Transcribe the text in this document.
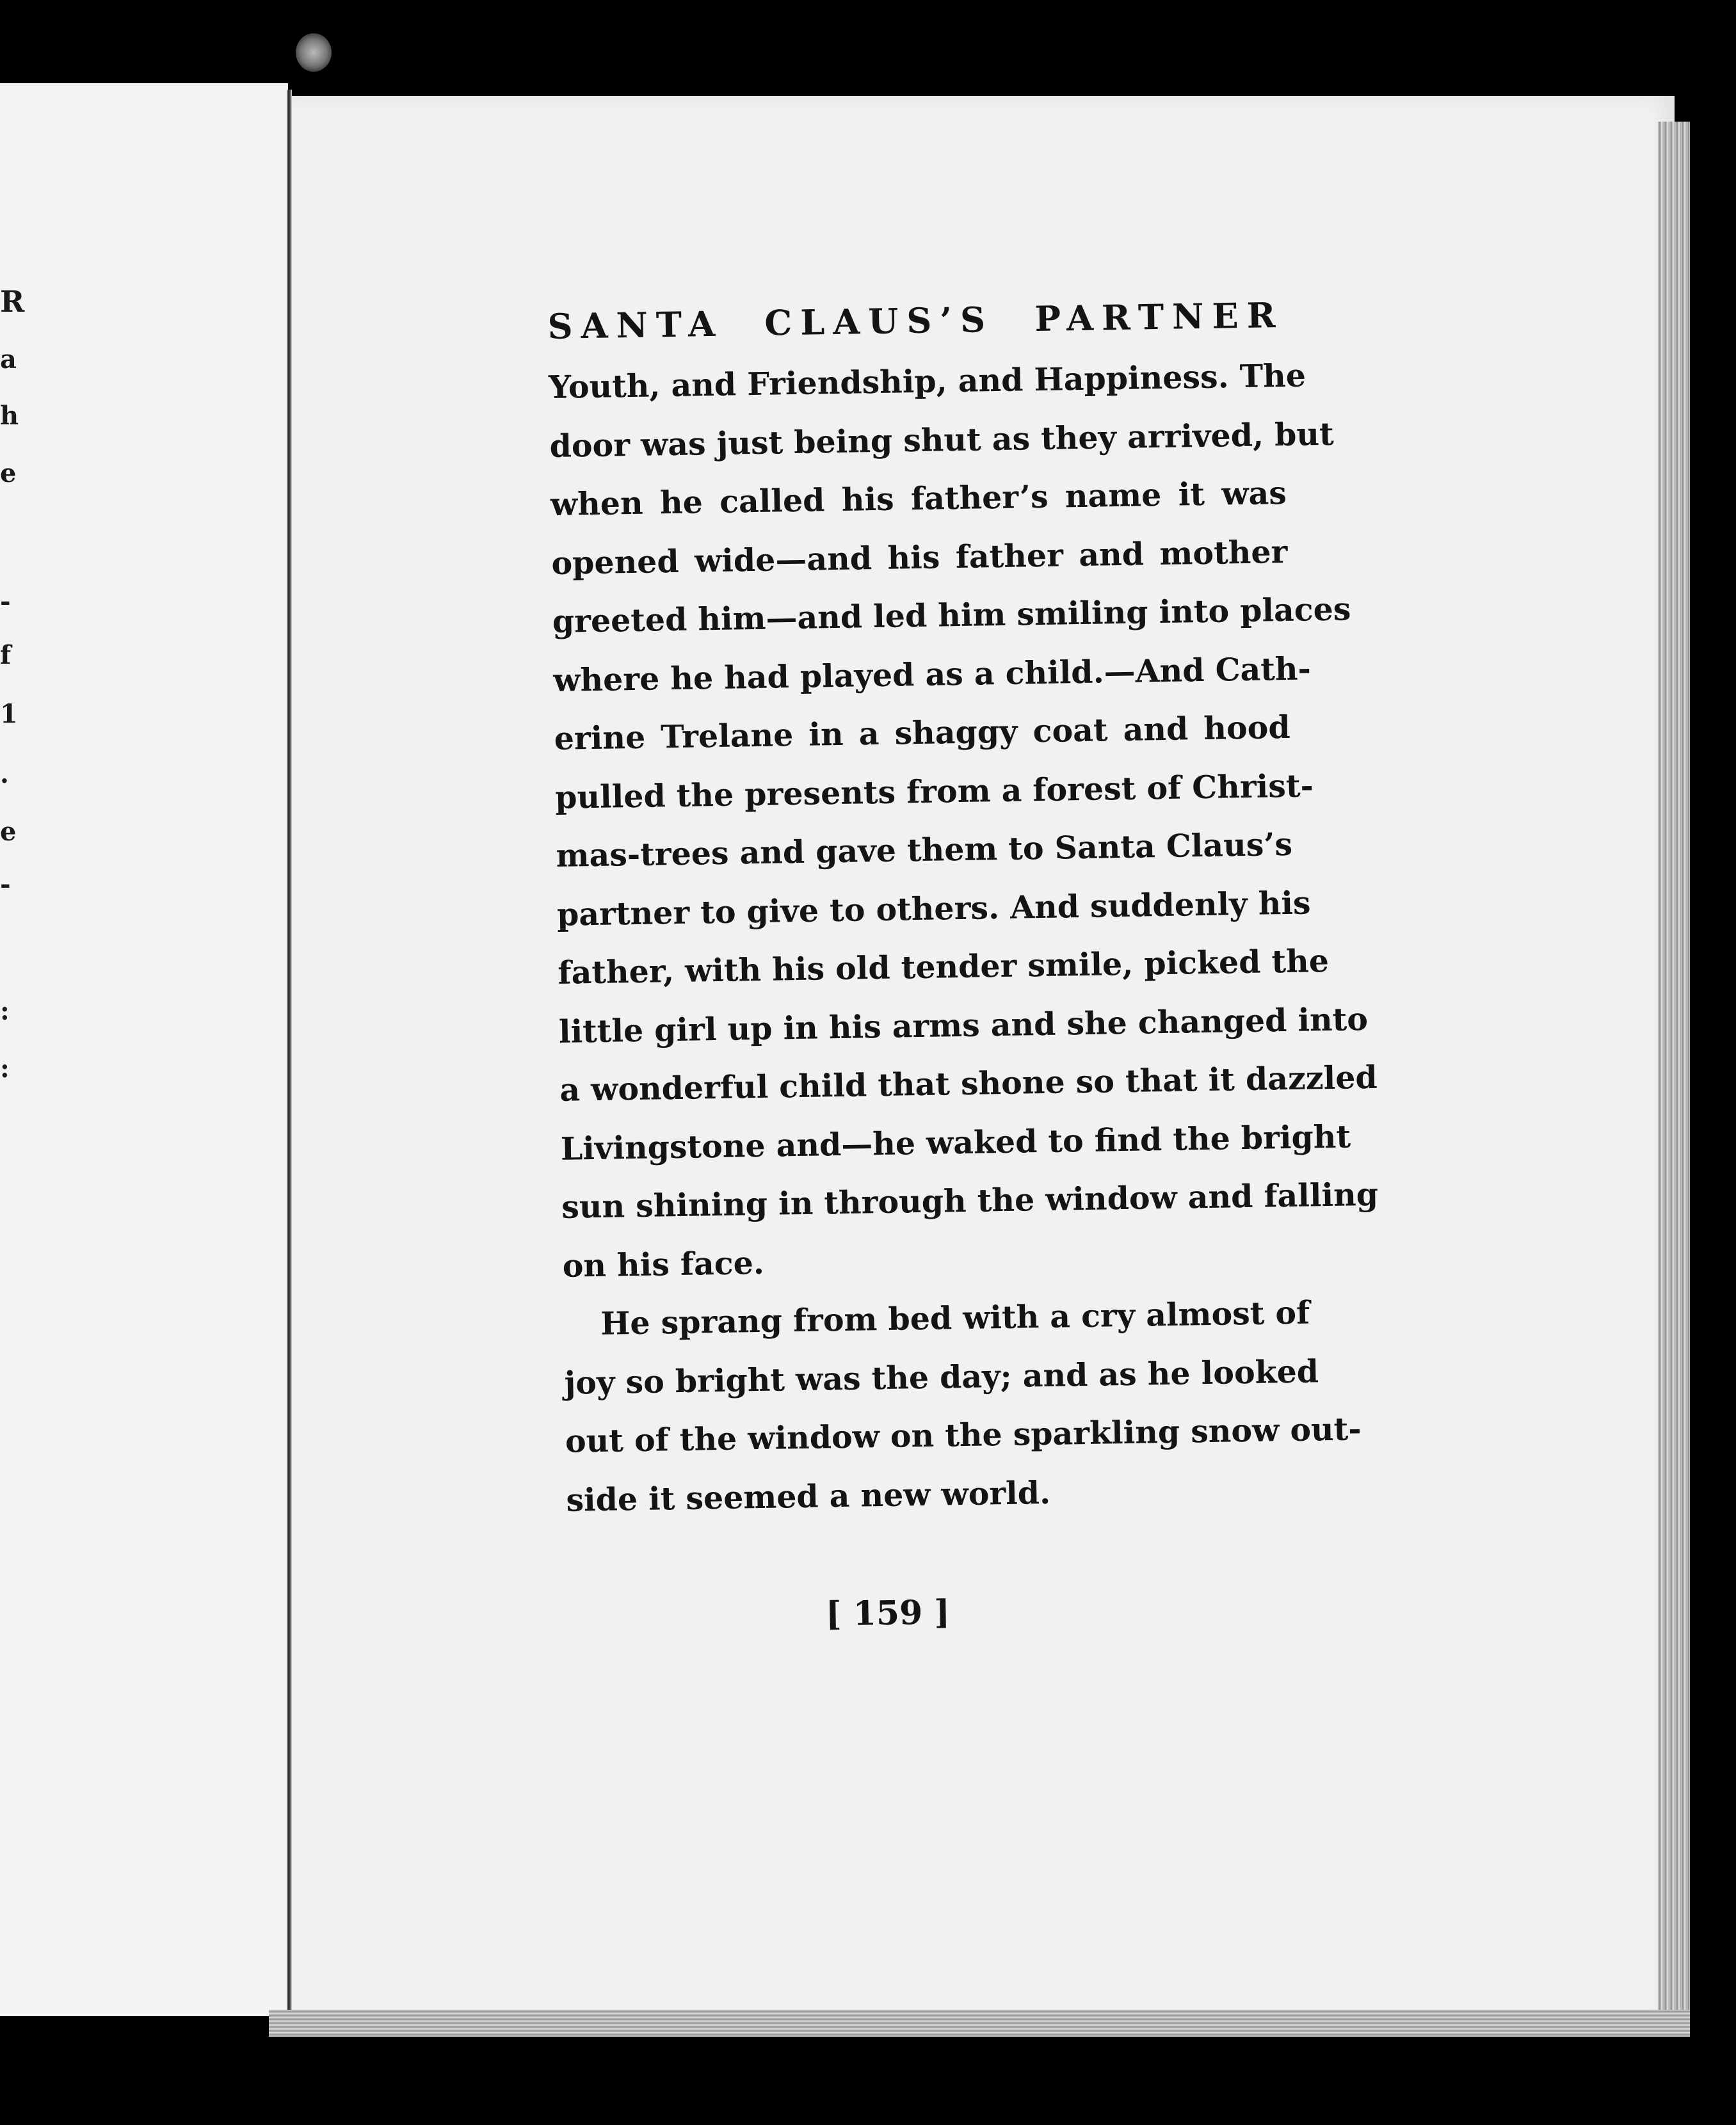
R
a
h
e
-
f
1
.
e
-
:
:
SANTA CLAUS’S PARTNER
Youth, and Friendship, and Happiness. The
door was just being shut as they arrived, but
when he called his father’s name it was
opened wide—and his father and mother
greeted him—and led him smiling into places
where he had played as a child.—And Cath-
erine Trelane in a shaggy coat and hood
pulled the presents from a forest of Christ-
mas-trees and gave them to Santa Claus’s
partner to give to others. And suddenly his
father, with his old tender smile, picked the
little girl up in his arms and she changed into
a wonderful child that shone so that it dazzled
Livingstone and—he waked to find the bright
sun shining in through the window and falling
on his face.
He sprang from bed with a cry almost of
joy so bright was the day; and as he looked
out of the window on the sparkling snow out-
side it seemed a new world.
[ 159 ]
